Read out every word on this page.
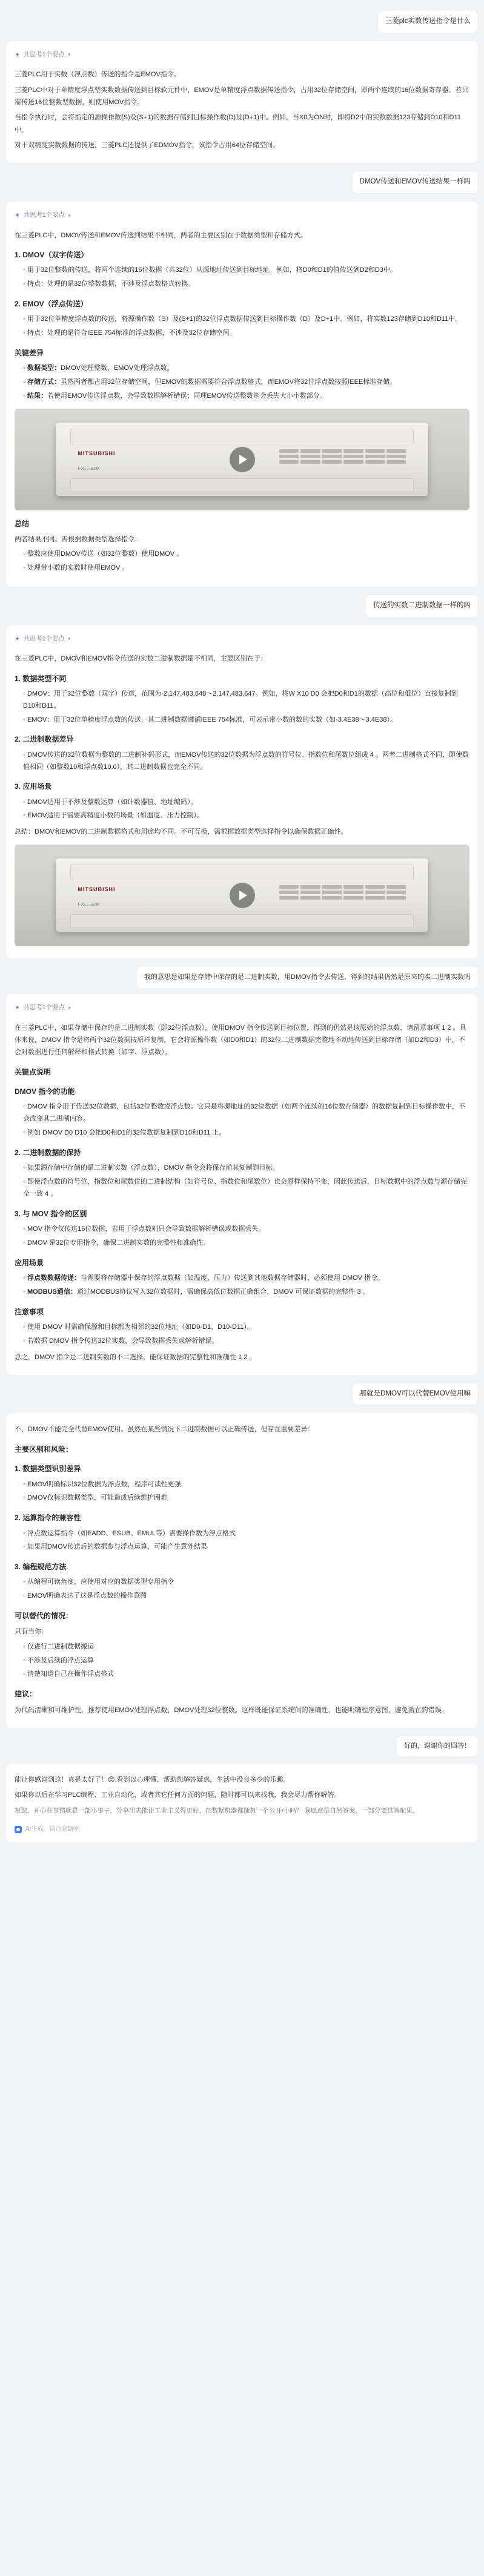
三菱plc实数传送指令是什么
✦ 共思考1个要点 ▾

三菱PLC用于实数（浮点数）传送的指令是EMOV指令。

三菱PLC中对于单精度浮点型实数数据传送到目标软元件中，EMOV是单精度浮点数据传送指令，占用32位存储空间，即两个连续的16位数据寄存器。若只需传送16位整数型数据，则使用MOV指令。

当指令执行时，会将指定的源操作数(S)及(S+1)的数据存储到目标操作数(D)及(D+1)中。例如，当X0为ON时，即将D2中的实数数据123存储到D10和D11中。

对于双精度实数数据的传送，三菱PLC还提供了EDMOV指令，该指令占用64位存储空间。

DMOV传送和EMOV传送结果一样吗
✦ 共思考1个要点 ▾

在三菱PLC中，DMOV传送和EMOV传送到结果不相同，两者的主要区别在于数据类型和存储方式。

1. DMOV（双字传送）
◦ 用于32位整数的传送，将两个连续的16位数据（共32位）从源地址传送到目标地址。例如，将D0和D1的值传送到D2和D3中。
◦ 特点：处理的是32位整数数据，不涉及浮点数格式转换。
2. EMOV（浮点传送）
◦ 用于32位单精度浮点数的传送，将源操作数（S）及(S+1)的32位浮点数据传送到目标操作数（D）及D+1中。例如，将实数123存储到D10和D11中。
◦ 特点：处理的是符合IEEE 754标准的浮点数据，不涉及32位存储空间。
关键差异
◦ 数据类型：DMOV处理整数，EMOV处理浮点数。
◦ 存储方式：虽然两者都占用32位存储空间，但EMOV的数据需要符合浮点数格式，而EMOV将32位浮点数按照IEEE标准存储。
◦ 结果：若使用EMOV传送浮点数，会导致数据解析错误；同理EMOV传送整数则会丢失大小小数部分。
MITSUBISHI
FX₃ᵤ-32M
总结

两者结果不同。需根据数据类型选择指令：

◦ 整数应使用DMOV传送（如32位整数）使用DMOV 。
◦ 处理带小数的实数时使用EMOV 。
传送的实数二进制数据一样的吗
✦ 共思考1个要点 ▾

在三菱PLC中，DMOV和EMOV指令传送的实数二进制数据是不相同，主要区别在于：

1. 数据类型不同
◦ DMOV：用于32位整数（双字）传送，范围为-2,147,483,648～2,147,483,647。例如，将W X10 D0 会把D0和D1的数据（高位和低位）直接复制到D10和D11。
◦ EMOV：用于32位单精度浮点数的传送，其二进制数据遵循IEEE 754标准，可表示带小数的数的实数（如-3.4E38～3.4E38）。
2. 二进制数据差异
◦ DMOV传送的32位数据为整数的二进制补码形式，而EMOV传送的32位数据为浮点数的符号位、指数位和尾数位组成 4 。两者二进制格式不同，即使数值相同（如整数10和浮点数10.0），其二进制数据也完全不同。
3. 应用场景
◦ DMOV适用于不涉及整数运算（如计数器值、地址编码）。
◦ EMOV适用于需要高精度小数的场景（如温度、压力控制）。

总结：DMOV和EMOV的二进制数据格式和用途均不同。不可互换，需根据数据类型选择指令以确保数据正确性。

MITSUBISHI
FX₃ᵤ-32M
我的意思是如果是存储中保存的是二进制实数，用DMOV指令去传送，得到的结果仍然是原来的实二进制实数吗
✦ 共思考1个要点 ▾

在三菱PLC中，如果存储中保存的是二进制实数（即32位浮点数），使用DMOV 指令传送到目标位置，得到的仍然是该原始的浮点数、请留意事项 1 2 。具体来说，DMOV 指令是将两个32位数据按原样复制，它会将源操作数（如D0和D1）的32位二进制数据完整地不动地传送到目标存储（如D2和D3）中，不会对数据进行任何解释和格式转换（如字、浮点数）。

关键点说明
DMOV 指令的功能
◦ DMOV 指令用于传送32位数据，包括32位整数或浮点数。它只是将源地址的32位数据（如两个连续的16位数存储器）的数据复制到目标操作数中，不会改变其二进制内容。
◦ 例如 DMOV D0 D10 会把D0和D1的32位数据复制到D10和D11 上。
2. 二进制数据的保持
◦ 如果源存储中存储的是二进制实数（浮点数），DMOV 指令会将保存前其复制到目标。
◦ 即使浮点数的符号位、指数位和尾数位的二进制结构（如符号位、指数位和尾数位）也会原样保持不变，因此传送后，目标数据中的浮点数与源存储完全一致 4 。
3. 与 MOV 指令的区别
◦ MOV 指令仅传送16位数据，若用于浮点数则只会导致数据解析错误或数据丢失。
◦ DMOV 是32位专用指令，确保二进制实数的完整性和准确性。
应用场景
◦ 浮点数数据传递：当需要将存储器中保存的浮点数据（如温度、压力）传送到其他数据存储器时，必须使用 DMOV 指令。
◦ MODBUS通信：通过MODBUS协议写入32位数据时，需确保高低位数据正确组合，DMOV 可保证数据的完整性 3 。
注意事项
◦ 使用 DMOV 时需确保源和目标都为相邻的32位地址（如D0-D1、D10-D11）。
◦ 若数据 DMOV 指令传送32位实数，会导致数据丢失或解析错误。

总之，DMOV 指令是二进制实数的不二选择，能保证数据的完整性和准确性 1 2 。

那就是DMOV可以代替EMOV使用嘛

不，DMOV不能完全代替EMOV使用。虽然在某些情况下二进制数据可以正确传送，但存在重要差异：

主要区别和风险：
1. 数据类型识别差异
◦ EMOV明确标识32位数据为浮点数，程序可读性更强
◦ DMOV仅标识数据类型，可能造成后续维护困难
2. 运算指令的兼容性
◦ 浮点数运算指令（如EADD、ESUB、EMUL等）需要操作数为浮点格式
◦ 如果用DMOV传送后的数据参与浮点运算，可能产生意外结果
3. 编程规范方法
◦ 从编程可读角度，应使用对应的数据类型专用指令
◦ EMOV明确表达了这是浮点数的操作意图
可以替代的情况：

只有当你：

◦ 仅进行二进制数据搬运
◦ 不涉及后续的浮点运算
◦ 清楚知道自己在操作浮点格式
建议：

为代码清晰和可维护性，推荐使用EMOV处理浮点数，DMOV处理32位整数。这样既能保证系统间的准确性，也能明确程序意图，避免潜在的错误。

好的，谢谢你的回答！

能让你感谢到这！真是太好了！😊 看到以心理懂、帮助您解答疑惑，生活中没良多少的乐趣。

如果你以后在学习PLC编程、工业自动化，或者其它任何方面的问题，随时都可以来找我，我会尽力帮你解答。

祝您，开心在事情就是一部小事子，分享出去能让工业主义得更好，把数据机器都随机一个公开/小吗？ 我愿意是自然答案，一部分要这答配见。

AI生成，请注意甄别
